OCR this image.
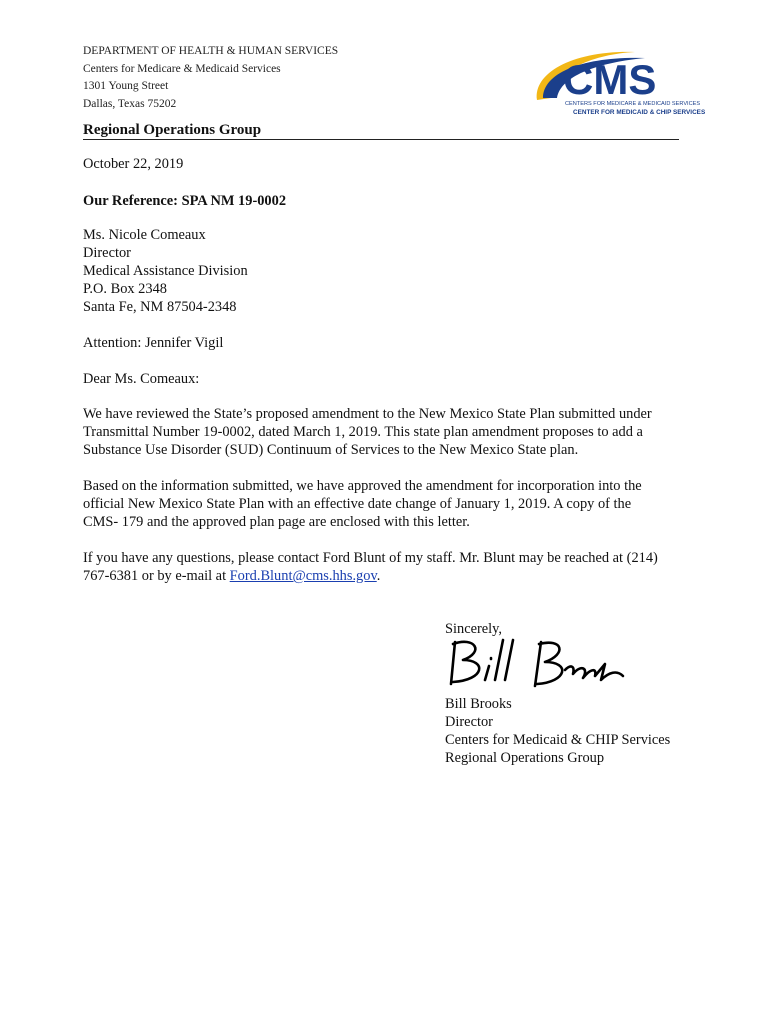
DEPARTMENT OF HEALTH & HUMAN SERVICES
Centers for Medicare & Medicaid Services
1301 Young Street
Dallas, Texas 75202
CMS
CENTERS FOR MEDICARE & MEDICAID SERVICES
CENTER FOR MEDICAID & CHIP SERVICES
Regional Operations Group
October 22, 2019
Our Reference: SPA NM 19-0002
Ms. Nicole Comeaux
Director
Medical Assistance Division
P.O. Box 2348
Santa Fe, NM 87504-2348
Attention: Jennifer Vigil
Dear Ms. Comeaux:
We have reviewed the State’s proposed amendment to the New Mexico State Plan submitted under
Transmittal Number 19-0002, dated March 1, 2019. This state plan amendment proposes to add a
Substance Use Disorder (SUD) Continuum of Services to the New Mexico State plan.
Based on the information submitted, we have approved the amendment for incorporation into the
official New Mexico State Plan with an effective date change of January 1, 2019. A copy of the
CMS- 179 and the approved plan page are enclosed with this letter.
If you have any questions, please contact Ford Blunt of my staff. Mr. Blunt may be reached at (214)
767-6381 or by e-mail at Ford.Blunt@cms.hhs.gov.
Sincerely,
Bill Brooks
Director
Centers for Medicaid & CHIP Services
Regional Operations Group
